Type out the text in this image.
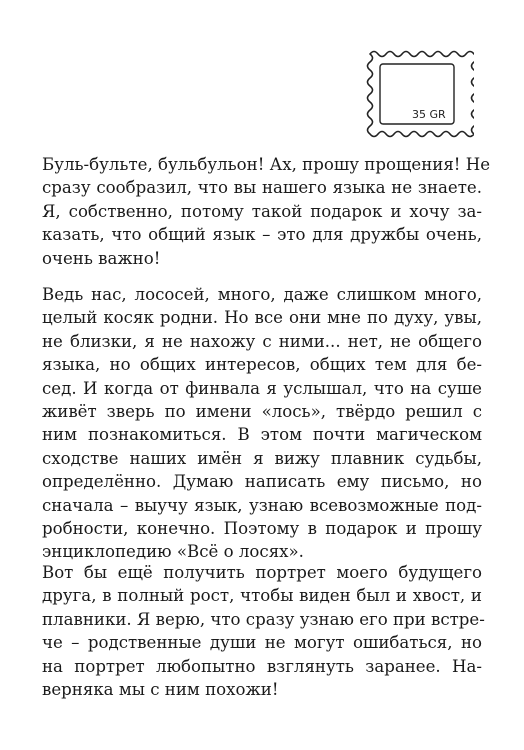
35 GR
Буль-бульте, бульбульон! Ах, прошу прощения! Не
сразу сообразил, что вы нашего языка не знаете.
Я, собственно, потому такой подарок и хочу за-
казать, что общий язык – это для дружбы очень,
очень важно!
Ведь нас, лососей, много, даже слишком много,
целый косяк родни. Но все они мне по духу, увы,
не близки, я не нахожу с ними... нет, не общего
языка, но общих интересов, общих тем для бе-
сед. И когда от финвала я услышал, что на суше
живёт зверь по имени «лось», твёрдо решил с
ним познакомиться. В этом почти магическом
сходстве наших имён я вижу плавник судьбы,
определённо. Думаю написать ему письмо, но
сначала – выучу язык, узнаю всевозможные под-
робности, конечно. Поэтому в подарок и прошу
энциклопедию «Всё о лосях».
Вот бы ещё получить портрет моего будущего
друга, в полный рост, чтобы виден был и хвост, и
плавники. Я верю, что сразу узнаю его при встре-
че – родственные души не могут ошибаться, но
на портрет любопытно взглянуть заранее. На-
верняка мы с ним похожи!
